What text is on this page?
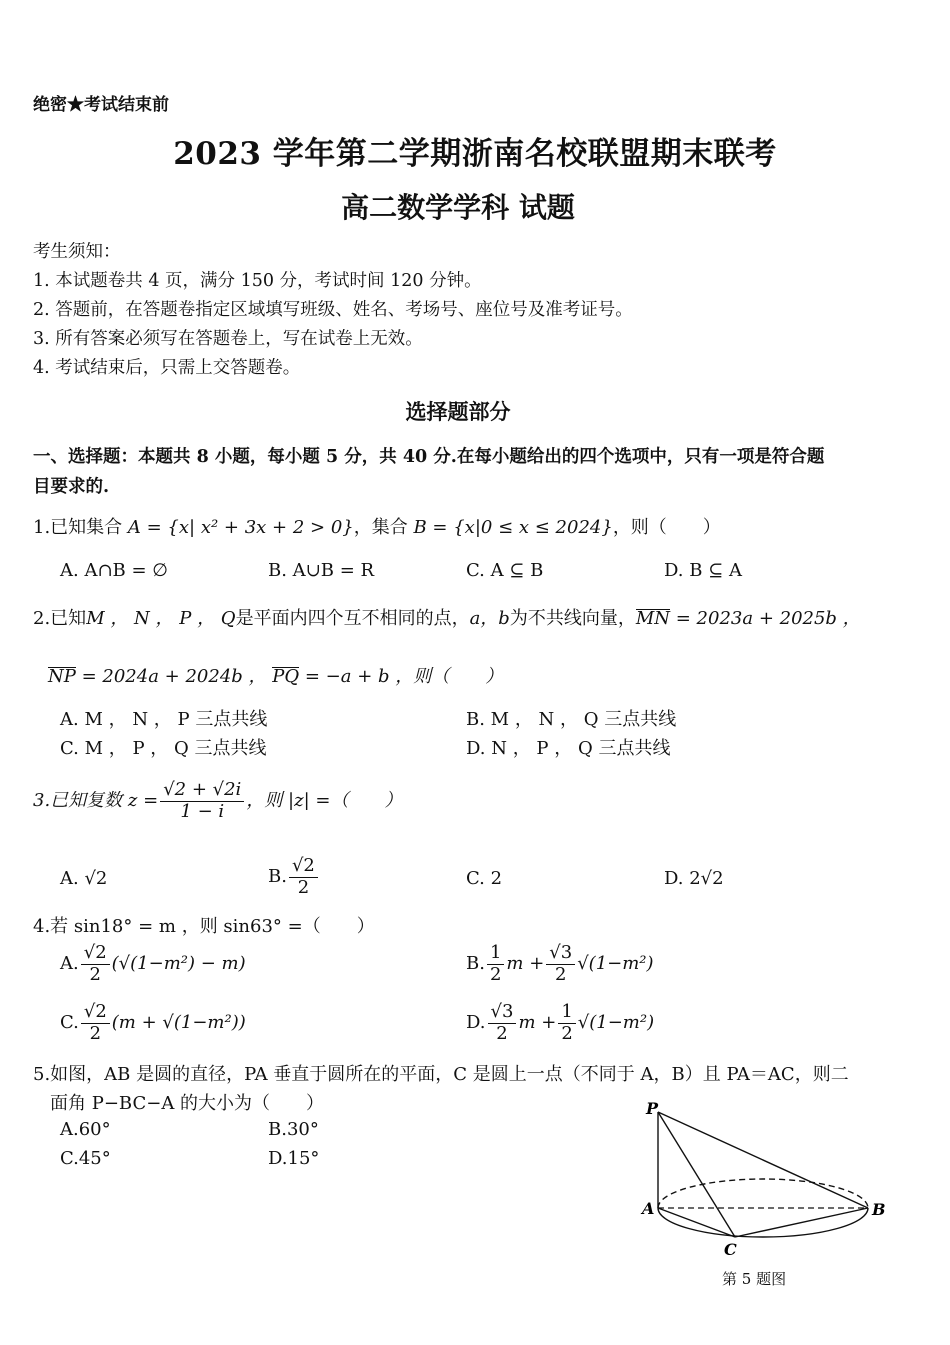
绝密★考试结束前
2023 学年第二学期浙南名校联盟期末联考
高二数学学科 试题
考生须知：
1. 本试题卷共 4 页，满分 150 分，考试时间 120 分钟。
2. 答题前，在答题卷指定区域填写班级、姓名、考场号、座位号及准考证号。
3. 所有答案必须写在答题卷上，写在试卷上无效。
4. 考试结束后，只需上交答题卷。
选择题部分
一、选择题：本题共 8 小题，每小题 5 分，共 40 分.在每小题给出的四个选项中，只有一项是符合题
目要求的.
1.已知集合 A = {x| x² + 3x + 2 > 0}，集合 B = {x|0 ≤ x ≤ 2024}，则（　　）
A. A∩B = ∅	B. A∪B = R	C. A ⊆ B	D. B ⊆ A
2.已知M ， N ， P ， Q是平面内四个互不相同的点，a，b为不共线向量，MN = 2023a + 2025b ，
NP = 2024a + 2024b ， PQ = −a + b ，则（　　）
A. M ， N ， P 三点共线	B. M ， N ， Q 三点共线
C. M ， P ， Q 三点共线	D. N ， P ， Q 三点共线
3.已知复数 $z = \frac{√2 + √2i}{1 - i}$ ，则 |z| =（　　）
A. √2	B. $\frac{√2}{2}$	C. 2	D. 2√2
4.若 sin18° = m ，则 sin63° =（　　）
A. $\frac{√2}{2} (√(1-m^2) - m)$	B. $\frac{1}{2}$ $m + \frac{√3}{2} √(1-m^2)$
C. $\frac{√2}{2} (m + √(1-m^2))$	D. $\frac{√3}{2}$ $m + \frac{1}{2} √(1-m^2)$
5.如图，AB 是圆的直径，PA 垂直于圆所在的平面，C 是圆上一点（不同于 A，B）且 PA＝AC，则二
面角 P−BC−A 的大小为（　　）
A.60°	B.30°
C.45°	D.15°
P
A	B
C
第 5 题图
